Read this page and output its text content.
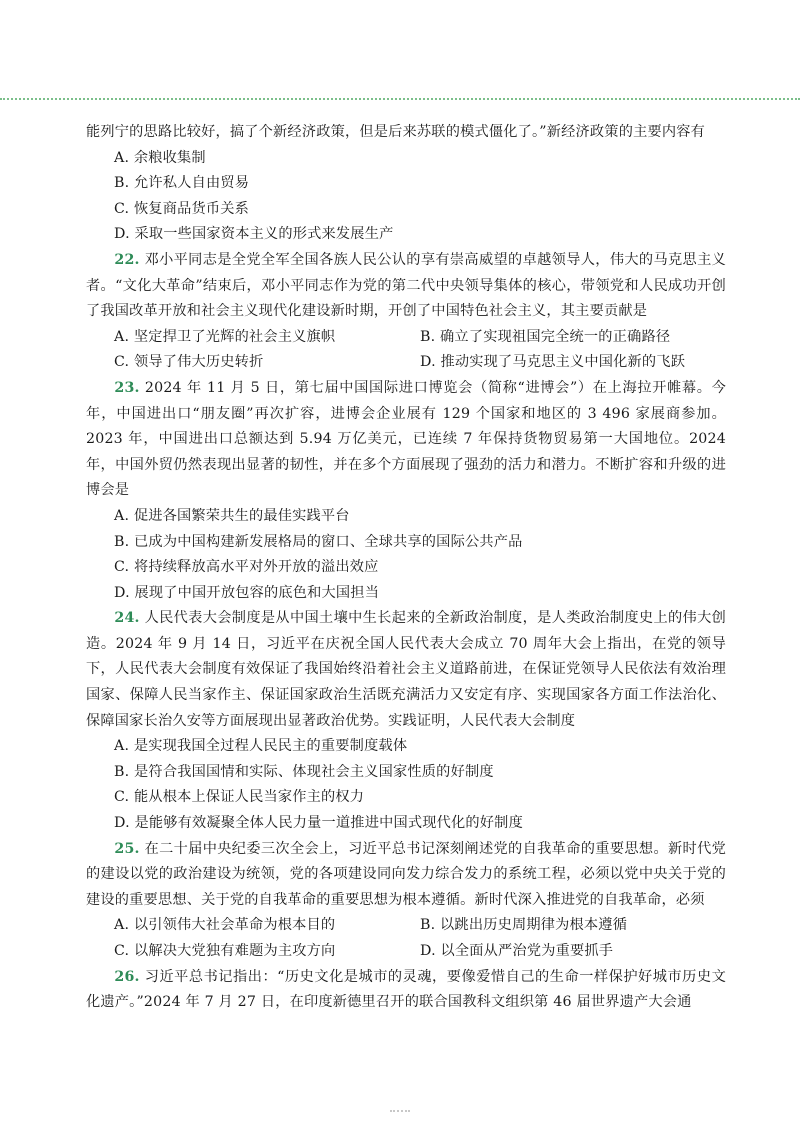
能列宁的思路比较好，搞了个新经济政策，但是后来苏联的模式僵化了。”新经济政策的主要内容有

A. 余粮收集制

B. 允许私人自由贸易

C. 恢复商品货币关系

D. 采取一些国家资本主义的形式来发展生产

22. 邓小平同志是全党全军全国各族人民公认的享有崇高威望的卓越领导人，伟大的马克思主义者。“文化大革命”结束后，邓小平同志作为党的第二代中央领导集体的核心，带领党和人民成功开创了我国改革开放和社会主义现代化建设新时期，开创了中国特色社会主义，其主要贡献是

A. 坚定捍卫了光辉的社会主义旗帜	B. 确立了实现祖国完全统一的正确路径

C. 领导了伟大历史转折	D. 推动实现了马克思主义中国化新的飞跃

23. 2024 年 11 月 5 日，第七届中国国际进口博览会（简称“进博会”）在上海拉开帷幕。今年，中国进出口“朋友圈”再次扩容，进博会企业展有 129 个国家和地区的 3 496 家展商参加。2023 年，中国进出口总额达到 5.94 万亿美元，已连续 7 年保持货物贸易第一大国地位。2024 年，中国外贸仍然表现出显著的韧性，并在多个方面展现了强劲的活力和潜力。不断扩容和升级的进博会是

A. 促进各国繁荣共生的最佳实践平台

B. 已成为中国构建新发展格局的窗口、全球共享的国际公共产品

C. 将持续释放高水平对外开放的溢出效应

D. 展现了中国开放包容的底色和大国担当

24. 人民代表大会制度是从中国土壤中生长起来的全新政治制度，是人类政治制度史上的伟大创造。2024 年 9 月 14 日，习近平在庆祝全国人民代表大会成立 70 周年大会上指出，在党的领导下，人民代表大会制度有效保证了我国始终沿着社会主义道路前进，在保证党领导人民依法有效治理国家、保障人民当家作主、保证国家政治生活既充满活力又安定有序、实现国家各方面工作法治化、保障国家长治久安等方面展现出显著政治优势。实践证明，人民代表大会制度

A. 是实现我国全过程人民民主的重要制度载体

B. 是符合我国国情和实际、体现社会主义国家性质的好制度

C. 能从根本上保证人民当家作主的权力

D. 是能够有效凝聚全体人民力量一道推进中国式现代化的好制度

25. 在二十届中央纪委三次全会上，习近平总书记深刻阐述党的自我革命的重要思想。新时代党的建设以党的政治建设为统领，党的各项建设同向发力综合发力的系统工程，必须以党中央关于党的建设的重要思想、关于党的自我革命的重要思想为根本遵循。新时代深入推进党的自我革命，必须

A. 以引领伟大社会革命为根本目的	B. 以跳出历史周期律为根本遵循

C. 以解决大党独有难题为主攻方向	D. 以全面从严治党为重要抓手

26. 习近平总书记指出：“历史文化是城市的灵魂，要像爱惜自己的生命一样保护好城市历史文化遗产。”2024 年 7 月 27 日，在印度新德里召开的联合国教科文组织第 46 届世界遗产大会通
